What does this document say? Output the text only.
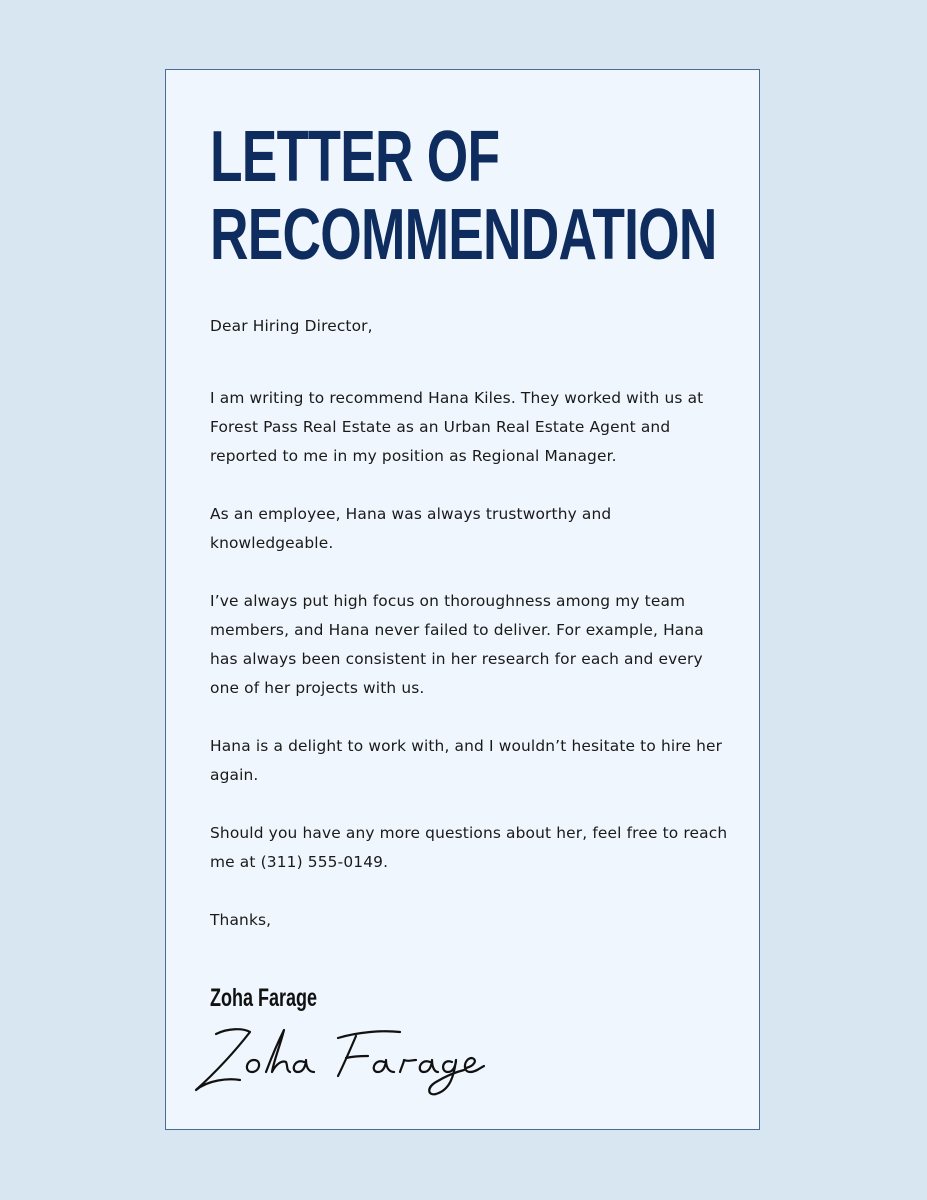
LETTER OF
RECOMMENDATION

Dear Hiring Director,

I am writing to recommend Hana Kiles. They worked with us at Forest Pass Real Estate as an Urban Real Estate Agent and reported to me in my position as Regional Manager.

As an employee, Hana was always trustworthy and knowledgeable.

I’ve always put high focus on thoroughness among my team members, and Hana never failed to deliver. For example, Hana has always been consistent in her research for each and every one of her projects with us.

Hana is a delight to work with, and I wouldn’t hesitate to hire her again.

Should you have any more questions about her, feel free to reach me at (311) 555-0149.

Thanks,

Zoha Farage
